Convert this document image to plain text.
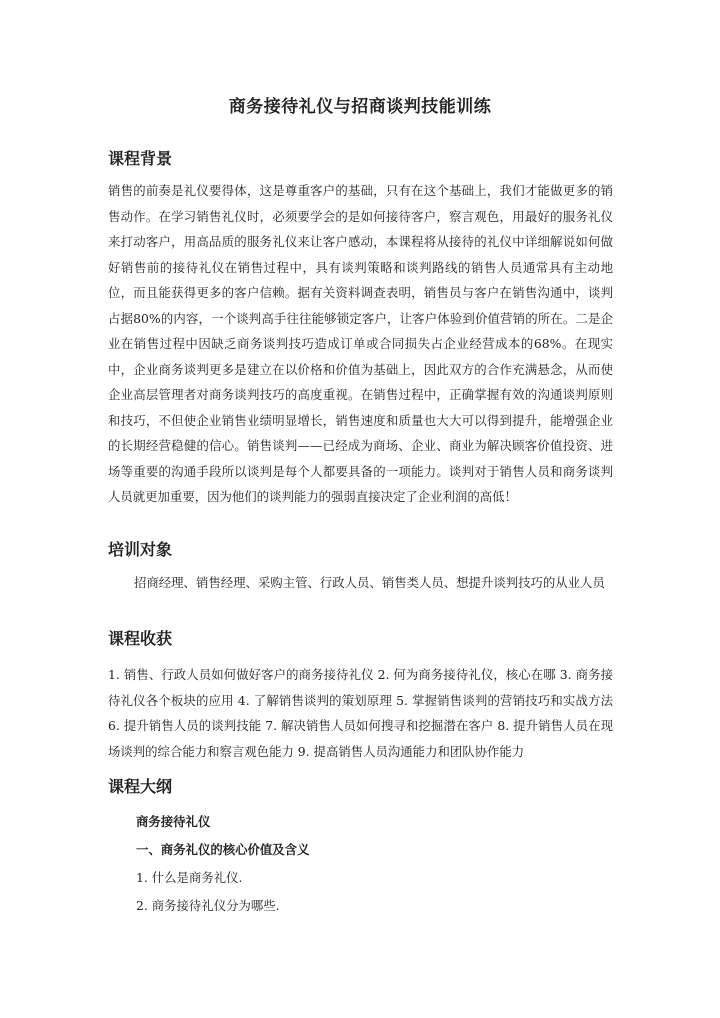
商务接待礼仪与招商谈判技能训练
课程背景

销售的前奏是礼仪要得体，这是尊重客户的基础，只有在这个基础上，我们才能做更多的销售动作。在学习销售礼仪时，必须要学会的是如何接待客户，察言观色，用最好的服务礼仪来打动客户，用高品质的服务礼仪来让客户感动，本课程将从接待的礼仪中详细解说如何做好销售前的接待礼仪在销售过程中，具有谈判策略和谈判路线的销售人员通常具有主动地位，而且能获得更多的客户信赖。据有关资料调查表明，销售员与客户在销售沟通中，谈判占据80%的内容，一个谈判高手往往能够锁定客户，让客户体验到价值营销的所在。二是企业在销售过程中因缺乏商务谈判技巧造成订单或合同损失占企业经营成本的68%。在现实中，企业商务谈判更多是建立在以价格和价值为基础上，因此双方的合作充满悬念，从而使企业高层管理者对商务谈判技巧的高度重视。在销售过程中，正确掌握有效的沟通谈判原则和技巧，不但使企业销售业绩明显增长，销售速度和质量也大大可以得到提升，能增强企业的长期经营稳健的信心。销售谈判——已经成为商场、企业、商业为解决顾客价值投资、进场等重要的沟通手段所以谈判是每个人都要具备的一项能力。谈判对于销售人员和商务谈判人员就更加重要，因为他们的谈判能力的强弱直接决定了企业利润的高低！

培训对象

招商经理、销售经理、采购主管、行政人员、销售类人员、想提升谈判技巧的从业人员

课程收获

1. 销售、行政人员如何做好客户的商务接待礼仪 2. 何为商务接待礼仪，核心在哪 3. 商务接待礼仪各个板块的应用 4. 了解销售谈判的策划原理 5. 掌握销售谈判的营销技巧和实战方法 6. 提升销售人员的谈判技能 7. 解决销售人员如何搜寻和挖掘潜在客户 8. 提升销售人员在现场谈判的综合能力和察言观色能力 9. 提高销售人员沟通能力和团队协作能力

课程大纲
商务接待礼仪
一、商务礼仪的核心价值及含义
1. 什么是商务礼仪.
2. 商务接待礼仪分为哪些.
